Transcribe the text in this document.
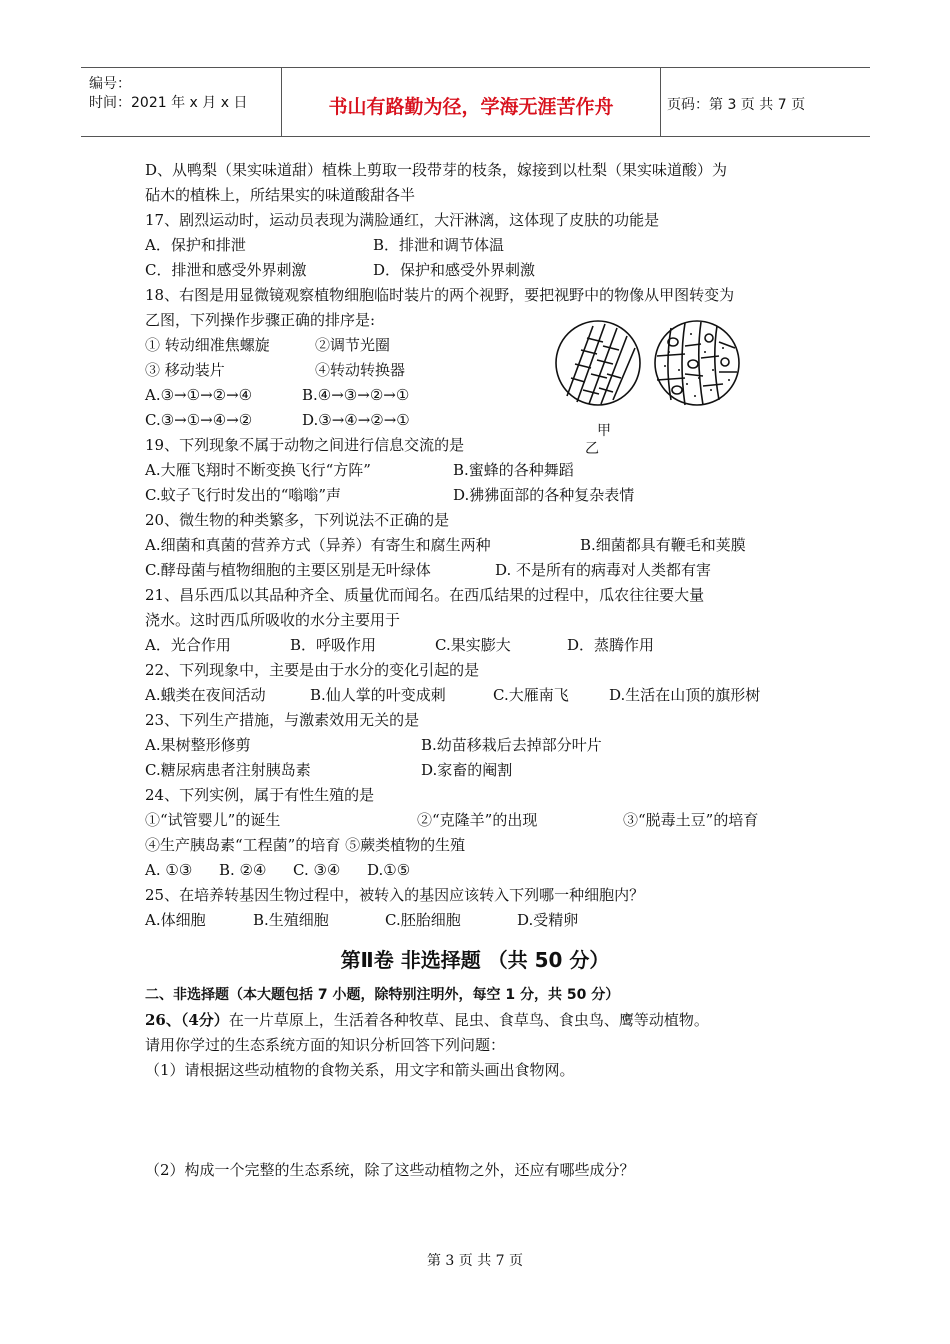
编号：
时间：2021 年 x 月 x 日	书山有路勤为径，学海无涯苦作舟	页码：第 3 页 共 7 页
D、从鸭梨（果实味道甜）植株上剪取一段带芽的枝条，嫁接到以杜梨（果实味道酸）为
砧木的植株上，所结果实的味道酸甜各半
17、剧烈运动时，运动员表现为满脸通红，大汗淋漓，这体现了皮肤的功能是
A．保护和排泄	B．排泄和调节体温
C．排泄和感受外界刺激	D．保护和感受外界刺激
18、右图是用显微镜观察植物细胞临时装片的两个视野，要把视野中的物像从甲图转变为
乙图，下列操作步骤正确的排序是:
① 转动细准焦螺旋	②调节光圈
③ 移动装片	④转动转换器
A.③→①→②→④	B.④→③→②→①
C.③→①→④→②	D.③→④→②→①
甲
乙
19、下列现象不属于动物之间进行信息交流的是
A.大雁飞翔时不断变换飞行“方阵”	B.蜜蜂的各种舞蹈
C.蚊子飞行时发出的“嗡嗡”声	D.狒狒面部的各种复杂表情
20、微生物的种类繁多，下列说法不正确的是
A.细菌和真菌的营养方式（异养）有寄生和腐生两种	B.细菌都具有鞭毛和荚膜
C.酵母菌与植物细胞的主要区别是无叶绿体	D. 不是所有的病毒对人类都有害
21、昌乐西瓜以其品种齐全、质量优而闻名。在西瓜结果的过程中，瓜农往往要大量
浇水。这时西瓜所吸收的水分主要用于
A．光合作用	B．呼吸作用	C.果实膨大	D．蒸腾作用
22、下列现象中，主要是由于水分的变化引起的是
A.蛾类在夜间活动	B.仙人掌的叶变成刺	C.大雁南飞	D.生活在山顶的旗形树
23、下列生产措施，与激素效用无关的是
A.果树整形修剪	B.幼苗移栽后去掉部分叶片
C.糖尿病患者注射胰岛素	D.家畜的阉割
24、下列实例，属于有性生殖的是
①“试管婴儿”的诞生	②“克隆羊”的出现	③“脱毒土豆”的培育
④生产胰岛素“工程菌”的培育 ⑤蕨类植物的生殖
A. ①③ B. ②④ C. ③④ D.①⑤
25、在培养转基因生物过程中，被转入的基因应该转入下列哪一种细胞内？
A.体细胞	B.生殖细胞	C.胚胎细胞	D.受精卵
第Ⅱ卷 非选择题 （共 50 分）
二、非选择题（本大题包括 7 小题，除特别注明外，每空 1 分，共 50 分）
26、（4分）在一片草原上，生活着各种牧草、昆虫、食草鸟、食虫鸟、鹰等动植物。
请用你学过的生态系统方面的知识分析回答下列问题：
（1）请根据这些动植物的食物关系，用文字和箭头画出食物网。
（2）构成一个完整的生态系统，除了这些动植物之外，还应有哪些成分？
第 3 页 共 7 页
